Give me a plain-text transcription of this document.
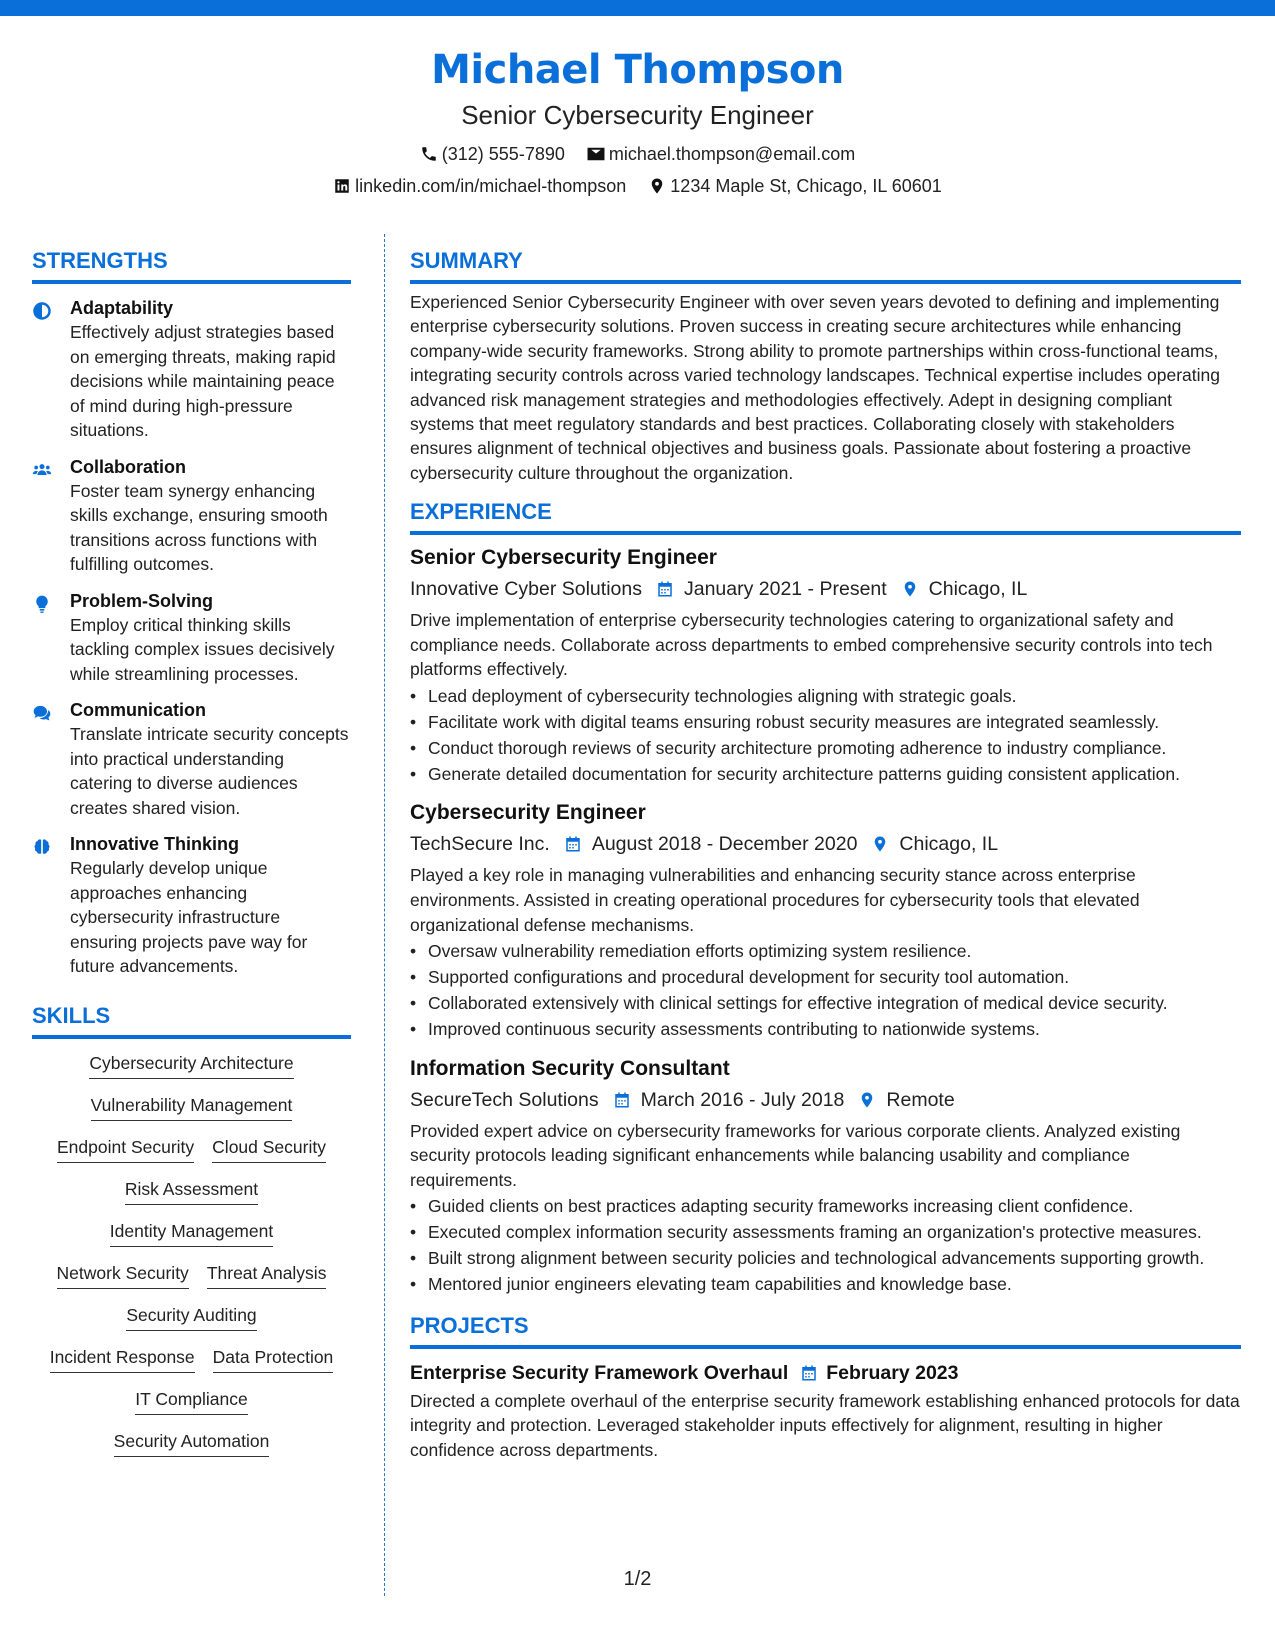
Michael Thompson
Senior Cybersecurity Engineer
(312) 555-7890 michael.thompson@email.com
linkedin.com/in/michael-thompson 1234 Maple St, Chicago, IL 60601
STRENGTHS
Adaptability
Effectively adjust strategies based on emerging threats, making rapid decisions while maintaining peace of mind during high-pressure situations.
Collaboration
Foster team synergy enhancing skills exchange, ensuring smooth transitions across functions with fulfilling outcomes.
Problem-Solving
Employ critical thinking skills tackling complex issues decisively while streamlining processes.
Communication
Translate intricate security concepts into practical understanding catering to diverse audiences creates shared vision.
Innovative Thinking
Regularly develop unique approaches enhancing cybersecurity infrastructure ensuring projects pave way for future advancements.
SKILLS
Cybersecurity Architecture
Vulnerability Management
Endpoint Security Cloud Security
Risk Assessment
Identity Management
Network Security Threat Analysis
Security Auditing
Incident Response Data Protection
IT Compliance
Security Automation
SUMMARY
Experienced Senior Cybersecurity Engineer with over seven years devoted to defining and implementing enterprise cybersecurity solutions. Proven success in creating secure architectures while enhancing company-wide security frameworks. Strong ability to promote partnerships within cross-functional teams, integrating security controls across varied technology landscapes. Technical expertise includes operating advanced risk management strategies and methodologies effectively. Adept in designing compliant systems that meet regulatory standards and best practices. Collaborating closely with stakeholders ensures alignment of technical objectives and business goals. Passionate about fostering a proactive cybersecurity culture throughout the organization.
EXPERIENCE
Senior Cybersecurity Engineer
Innovative Cyber Solutions January 2021 - Present Chicago, IL
Drive implementation of enterprise cybersecurity technologies catering to organizational safety and compliance needs. Collaborate across departments to embed comprehensive security controls into tech platforms effectively.
• Lead deployment of cybersecurity technologies aligning with strategic goals.
• Facilitate work with digital teams ensuring robust security measures are integrated seamlessly.
• Conduct thorough reviews of security architecture promoting adherence to industry compliance.
• Generate detailed documentation for security architecture patterns guiding consistent application.
Cybersecurity Engineer
TechSecure Inc. August 2018 - December 2020 Chicago, IL
Played a key role in managing vulnerabilities and enhancing security stance across enterprise environments. Assisted in creating operational procedures for cybersecurity tools that elevated organizational defense mechanisms.
• Oversaw vulnerability remediation efforts optimizing system resilience.
• Supported configurations and procedural development for security tool automation.
• Collaborated extensively with clinical settings for effective integration of medical device security.
• Improved continuous security assessments contributing to nationwide systems.
Information Security Consultant
SecureTech Solutions March 2016 - July 2018 Remote
Provided expert advice on cybersecurity frameworks for various corporate clients. Analyzed existing security protocols leading significant enhancements while balancing usability and compliance requirements.
• Guided clients on best practices adapting security frameworks increasing client confidence.
• Executed complex information security assessments framing an organization's protective measures.
• Built strong alignment between security policies and technological advancements supporting growth.
• Mentored junior engineers elevating team capabilities and knowledge base.
PROJECTS
Enterprise Security Framework Overhaul February 2023
Directed a complete overhaul of the enterprise security framework establishing enhanced protocols for data integrity and protection. Leveraged stakeholder inputs effectively for alignment, resulting in higher confidence across departments.
1/2
